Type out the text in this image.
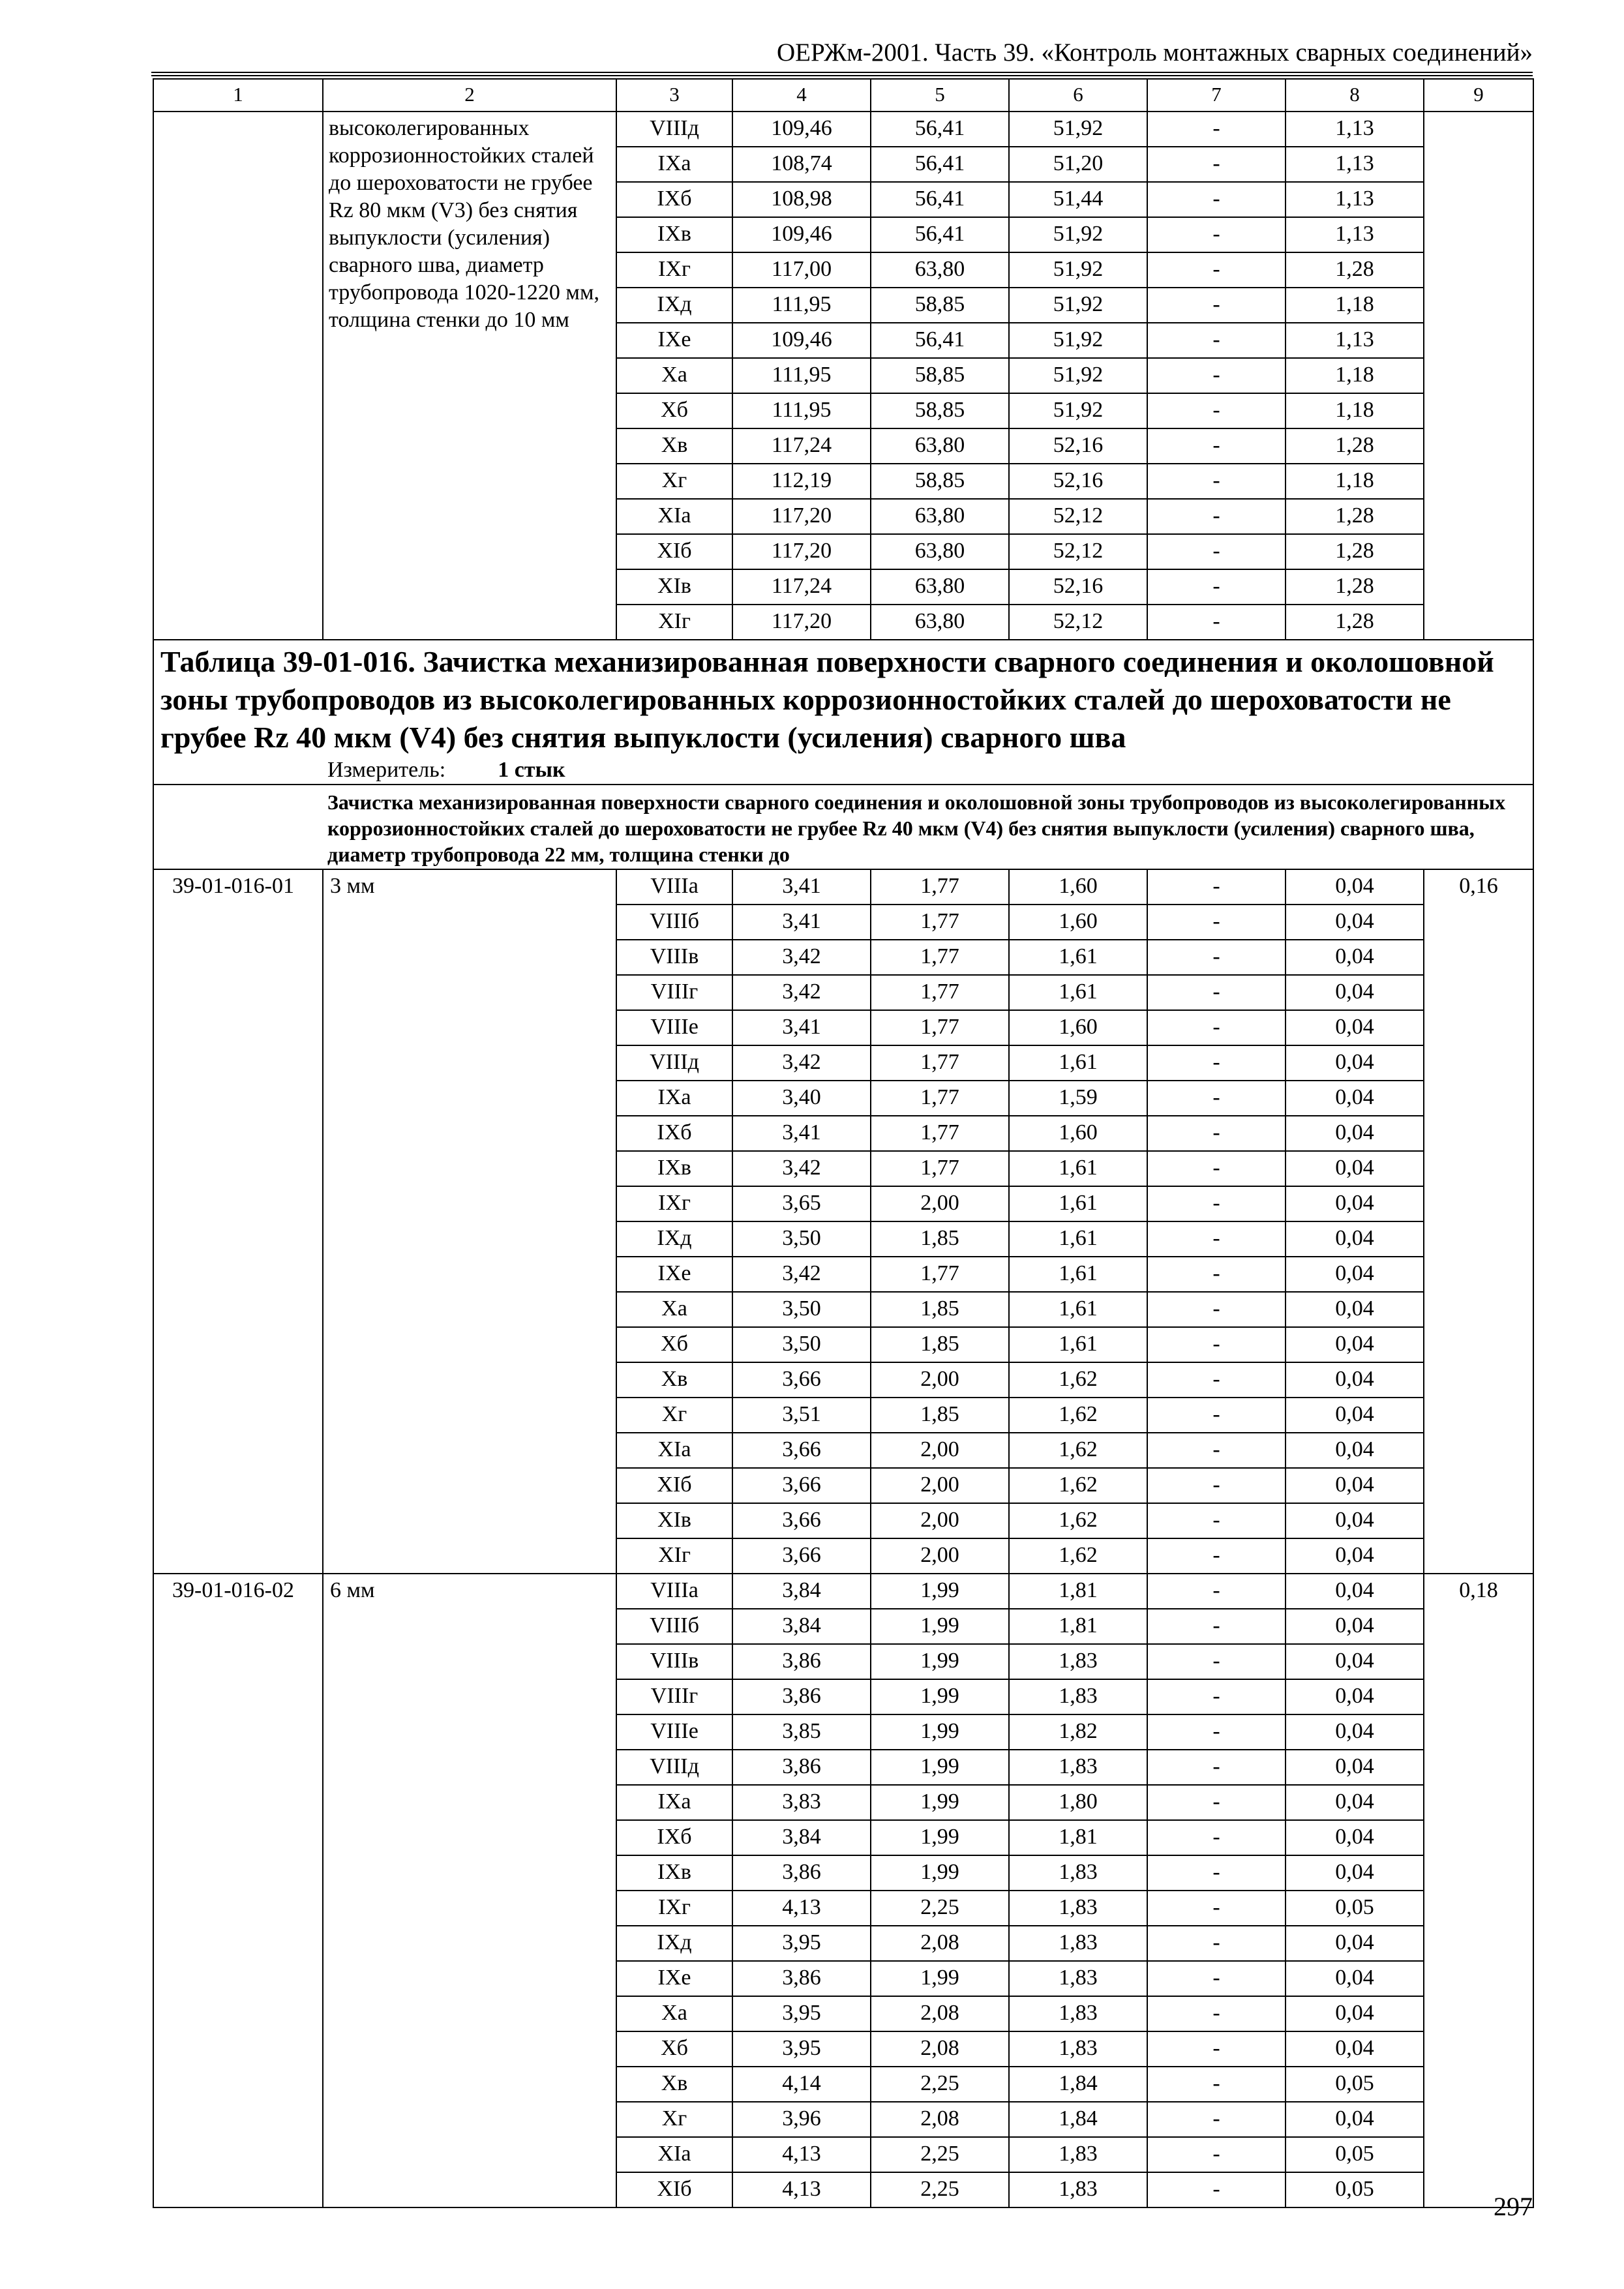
ОЕРЖм-2001. Часть 39. «Контроль монтажных сварных соединений»
1	2	3	4	5	6	7	8	9
	высоколегированных коррозионностойких сталей до шероховатости не грубее Rz 80 мкм (V3) без снятия выпуклости (усиления) сварного шва, диаметр трубопровода 1020-1220 мм, толщина стенки до 10 мм	VIIIд	109,46	56,41	51,92	-	1,13	
		IXа	108,74	56,41	51,20	-	1,13	
		IXб	108,98	56,41	51,44	-	1,13	
		IXв	109,46	56,41	51,92	-	1,13	
		IXг	117,00	63,80	51,92	-	1,28	
		IXд	111,95	58,85	51,92	-	1,18	
		IXе	109,46	56,41	51,92	-	1,13	
		Xа	111,95	58,85	51,92	-	1,18	
		Xб	111,95	58,85	51,92	-	1,18	
		Xв	117,24	63,80	52,16	-	1,28	
		Xг	112,19	58,85	52,16	-	1,18	
		XIа	117,20	63,80	52,12	-	1,28	
		XIб	117,20	63,80	52,12	-	1,28	
		XIв	117,24	63,80	52,16	-	1,28	
		XIг	117,20	63,80	52,12	-	1,28	

Таблица 39-01-016. Зачистка механизированная поверхности сварного соединения и околошовной зоны трубопроводов из высоколегированных коррозионностойких сталей до шероховатости не грубее Rz 40 мкм (V4) без снятия выпуклости (усиления) сварного шва
Измеритель: 1 стык								

Зачистка механизированная поверхности сварного соединения и околошовной зоны трубопроводов из высоколегированных коррозионностойких сталей до шероховатости не грубее Rz 40 мкм (V4) без снятия выпуклости (усиления) сварного шва, диаметр трубопровода 22 мм, толщина стенки до								
39-01-016-01	3 мм	VIIIа	3,41	1,77	1,60	-	0,04	0,16
		VIIIб	3,41	1,77	1,60	-	0,04	
		VIIIв	3,42	1,77	1,61	-	0,04	
		VIIIг	3,42	1,77	1,61	-	0,04	
		VIIIе	3,41	1,77	1,60	-	0,04	
		VIIIд	3,42	1,77	1,61	-	0,04	
		IXа	3,40	1,77	1,59	-	0,04	
		IXб	3,41	1,77	1,60	-	0,04	
		IXв	3,42	1,77	1,61	-	0,04	
		IXг	3,65	2,00	1,61	-	0,04	
		IXд	3,50	1,85	1,61	-	0,04	
		IXе	3,42	1,77	1,61	-	0,04	
		Xа	3,50	1,85	1,61	-	0,04	
		Xб	3,50	1,85	1,61	-	0,04	
		Xв	3,66	2,00	1,62	-	0,04	
		Xг	3,51	1,85	1,62	-	0,04	
		XIа	3,66	2,00	1,62	-	0,04	
		XIб	3,66	2,00	1,62	-	0,04	
		XIв	3,66	2,00	1,62	-	0,04	
		XIг	3,66	2,00	1,62	-	0,04	
39-01-016-02	6 мм	VIIIа	3,84	1,99	1,81	-	0,04	0,18
		VIIIб	3,84	1,99	1,81	-	0,04	
		VIIIв	3,86	1,99	1,83	-	0,04	
		VIIIг	3,86	1,99	1,83	-	0,04	
		VIIIе	3,85	1,99	1,82	-	0,04	
		VIIIд	3,86	1,99	1,83	-	0,04	
		IXа	3,83	1,99	1,80	-	0,04	
		IXб	3,84	1,99	1,81	-	0,04	
		IXв	3,86	1,99	1,83	-	0,04	
		IXг	4,13	2,25	1,83	-	0,05	
		IXд	3,95	2,08	1,83	-	0,04	
		IXе	3,86	1,99	1,83	-	0,04	
		Xа	3,95	2,08	1,83	-	0,04	
		Xб	3,95	2,08	1,83	-	0,04	
		Xв	4,14	2,25	1,84	-	0,05	
		Xг	3,96	2,08	1,84	-	0,04	
		XIа	4,13	2,25	1,83	-	0,05	
		XIб	4,13	2,25	1,83	-	0,05	
297
